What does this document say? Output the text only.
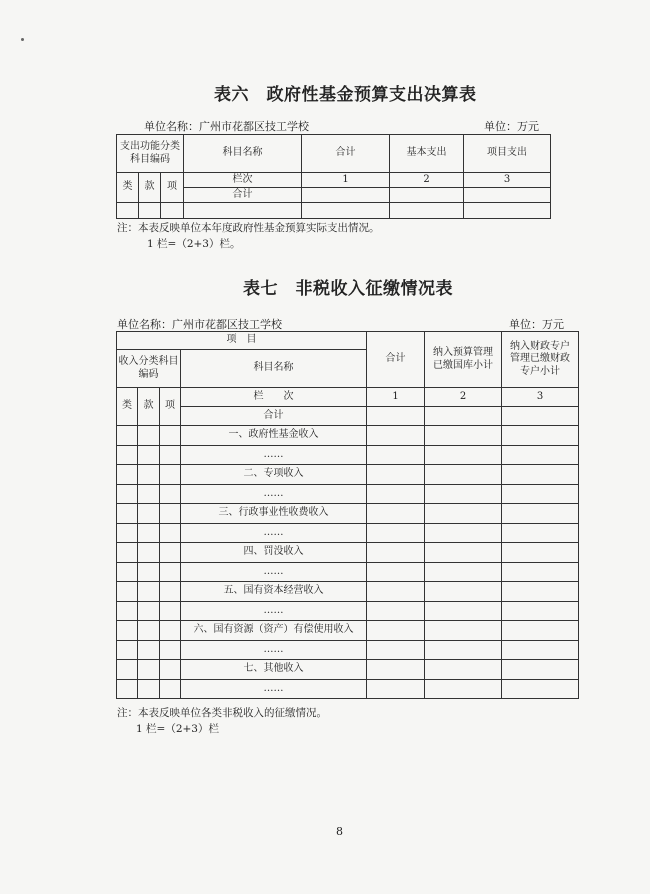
表六　政府性基金预算支出决算表
单位名称：广州市花都区技工学校	单位：万元
支出功能分类科目编码			科目名称	合计	基本支出	项目支出

类	款	项	栏次	1	2	3
			合计			

注：本表反映单位本年度政府性基金预算实际支出情况。
1 栏=（2+3）栏。
表七　非税收入征缴情况表
单位名称：广州市花都区技工学校	单位：万元
项　目				合计	纳入预算管理已缴国库小计	纳入财政专户管理已缴财政专户小计
收入分类科目编码			科目名称			

类	款	项	栏　　次	1	2	3
			合计			
			一、政府性基金收入			
			……			
			二、专项收入			
			……			
			三、行政事业性收费收入			
			……			
			四、罚没收入			
			……			
			五、国有资本经营收入			
			……			
			六、国有资源（资产）有偿使用收入			
			……			
			七、其他收入			
			……			
注：本表反映单位各类非税收入的征缴情况。
1 栏=（2+3）栏
8
